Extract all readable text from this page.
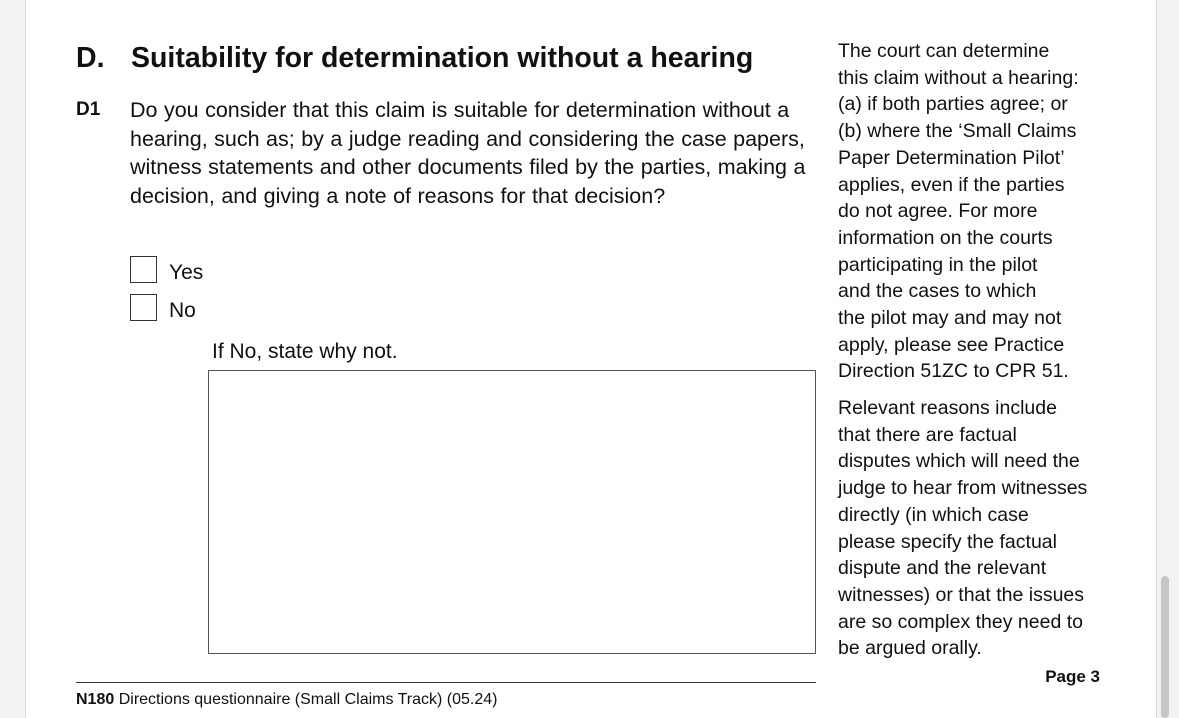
D. Suitability for determination without a hearing
D1 Do you consider that this claim is suitable for determination without a hearing, such as; by a judge reading and considering the case papers, witness statements and other documents filed by the parties, making a decision, and giving a note of reasons for that decision?

Yes
No
If No, state why not.

The court can determine
this claim without a hearing:
(a) if both parties agree; or
(b) where the ‘Small Claims
Paper Determination Pilot’
applies, even if the parties
do not agree. For more
information on the courts
participating in the pilot
and the cases to which
the pilot may and may not
apply, please see Practice
Direction 51ZC to CPR 51.

Relevant reasons include
that there are factual
disputes which will need the
judge to hear from witnesses
directly (in which case
please specify the factual
dispute and the relevant
witnesses) or that the issues
are so complex they need to
be argued orally.

Page 3
N180 Directions questionnaire (Small Claims Track) (05.24)
